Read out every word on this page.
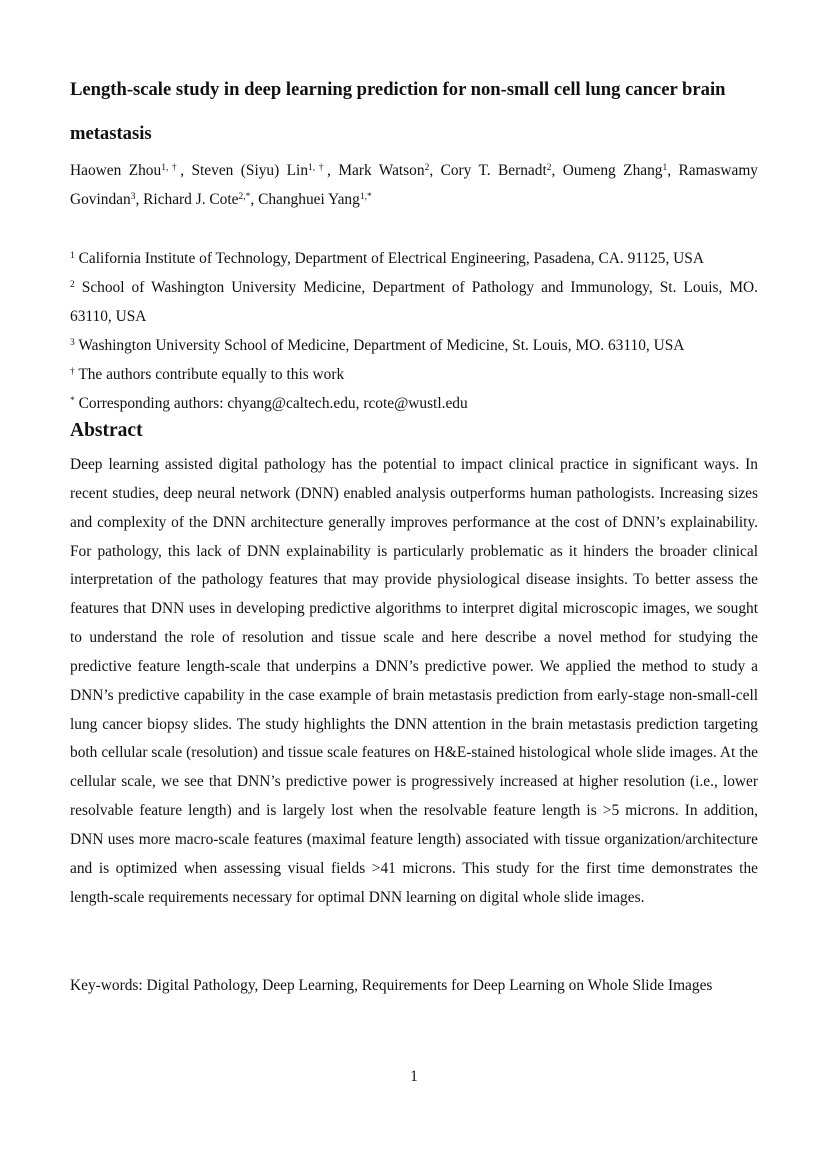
Length-scale study in deep learning prediction for non-small cell lung cancer brain metastasis

Haowen Zhou$^{1,\dagger}$, Steven (Siyu) Lin$^{1,\dagger}$, Mark Watson$^2$, Cory T. Bernadt$^2$, Oumeng Zhang$^1$, Ramaswamy Govindan$^3$, Richard J. Cote$^{2,*}$, Changhuei Yang$^{1,*}$

$^1$ California Institute of Technology, Department of Electrical Engineering, Pasadena, CA. 91125, USA

$^2$ School of Washington University Medicine, Department of Pathology and Immunology, St. Louis, MO. 63110, USA

$^3$ Washington University School of Medicine, Department of Medicine, St. Louis, MO. 63110, USA

† The authors contribute equally to this work

* Corresponding authors: chyang@caltech.edu, rcote@wustl.edu

Abstract

Deep learning assisted digital pathology has the potential to impact clinical practice in significant ways. In recent studies, deep neural network (DNN) enabled analysis outperforms human pathologists. Increasing sizes and complexity of the DNN architecture generally improves performance at the cost of DNN’s explainability. For pathology, this lack of DNN explainability is particularly problematic as it hinders the broader clinical interpretation of the pathology features that may provide physiological disease insights. To better assess the features that DNN uses in developing predictive algorithms to interpret digital microscopic images, we sought to understand the role of resolution and tissue scale and here describe a novel method for studying the predictive feature length-scale that underpins a DNN’s predictive power. We applied the method to study a DNN’s predictive capability in the case example of brain metastasis prediction from early-stage non-small-cell lung cancer biopsy slides. The study highlights the DNN attention in the brain metastasis prediction targeting both cellular scale (resolution) and tissue scale features on H&E-stained histological whole slide images. At the cellular scale, we see that DNN’s predictive power is progressively increased at higher resolution (i.e., lower resolvable feature length) and is largely lost when the resolvable feature length is >5 microns. In addition, DNN uses more macro-scale features (maximal feature length) associated with tissue organization/architecture and is optimized when assessing visual fields >41 microns. This study for the first time demonstrates the length-scale requirements necessary for optimal DNN learning on digital whole slide images.

Key-words: Digital Pathology, Deep Learning, Requirements for Deep Learning on Whole Slide Images

1
